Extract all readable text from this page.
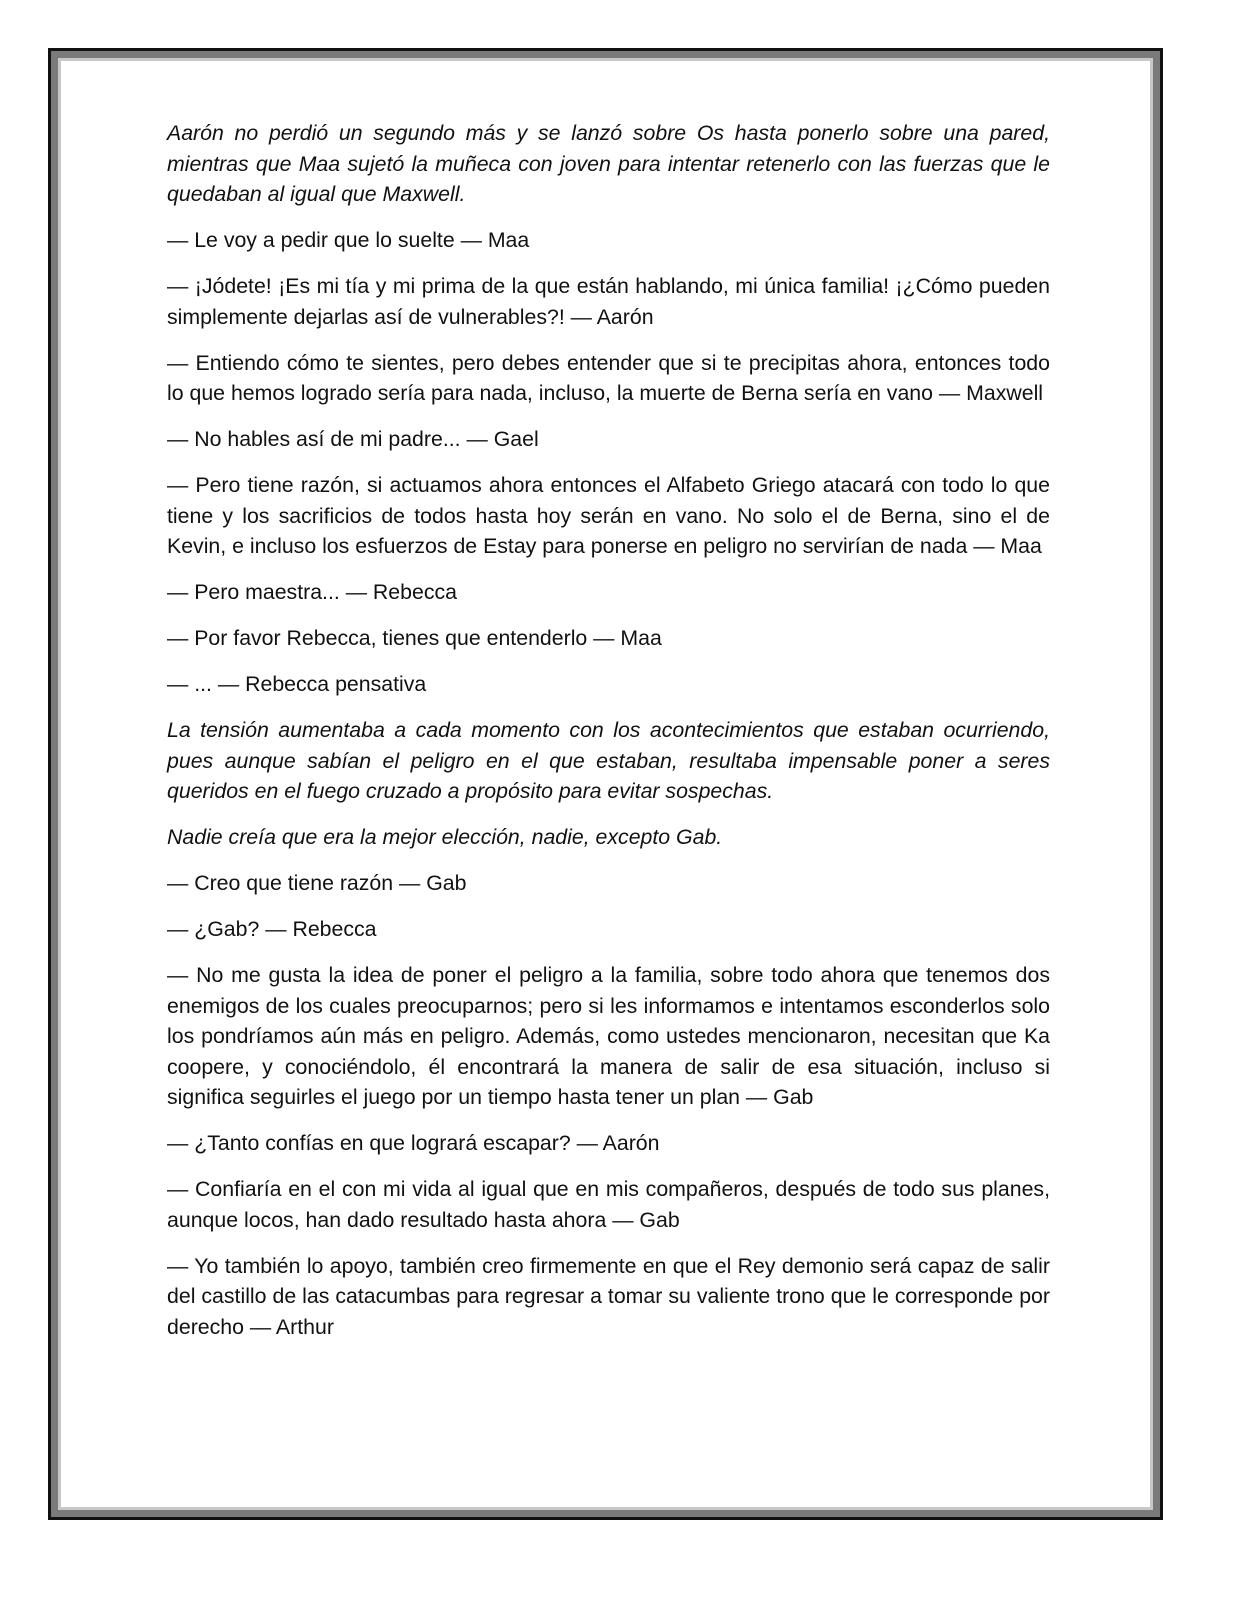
Aarón no perdió un segundo más y se lanzó sobre Os hasta ponerlo sobre una pared, mientras que Maa sujetó la muñeca con joven para intentar retenerlo con las fuerzas que le quedaban al igual que Maxwell.

— Le voy a pedir que lo suelte — Maa

— ¡Jódete! ¡Es mi tía y mi prima de la que están hablando, mi única familia! ¡¿Cómo pueden simplemente dejarlas así de vulnerables?! — Aarón

— Entiendo cómo te sientes, pero debes entender que si te precipitas ahora, entonces todo lo que hemos logrado sería para nada, incluso, la muerte de Berna sería en vano — Maxwell

— No hables así de mi padre... — Gael

— Pero tiene razón, si actuamos ahora entonces el Alfabeto Griego atacará con todo lo que tiene y los sacrificios de todos hasta hoy serán en vano. No solo el de Berna, sino el de Kevin, e incluso los esfuerzos de Estay para ponerse en peligro no servirían de nada — Maa

— Pero maestra... — Rebecca

— Por favor Rebecca, tienes que entenderlo — Maa

— ... — Rebecca pensativa

La tensión aumentaba a cada momento con los acontecimientos que estaban ocurriendo, pues aunque sabían el peligro en el que estaban, resultaba impensable poner a seres queridos en el fuego cruzado a propósito para evitar sospechas.

Nadie creía que era la mejor elección, nadie, excepto Gab.

— Creo que tiene razón — Gab

— ¿Gab? — Rebecca

— No me gusta la idea de poner el peligro a la familia, sobre todo ahora que tenemos dos enemigos de los cuales preocuparnos; pero si les informamos e intentamos esconderlos solo los pondríamos aún más en peligro. Además, como ustedes mencionaron, necesitan que Ka coopere, y conociéndolo, él encontrará la manera de salir de esa situación, incluso si significa seguirles el juego por un tiempo hasta tener un plan — Gab

— ¿Tanto confías en que logrará escapar? — Aarón

— Confiaría en el con mi vida al igual que en mis compañeros, después de todo sus planes, aunque locos, han dado resultado hasta ahora — Gab

— Yo también lo apoyo, también creo firmemente en que el Rey demonio será capaz de salir del castillo de las catacumbas para regresar a tomar su valiente trono que le corresponde por derecho — Arthur
